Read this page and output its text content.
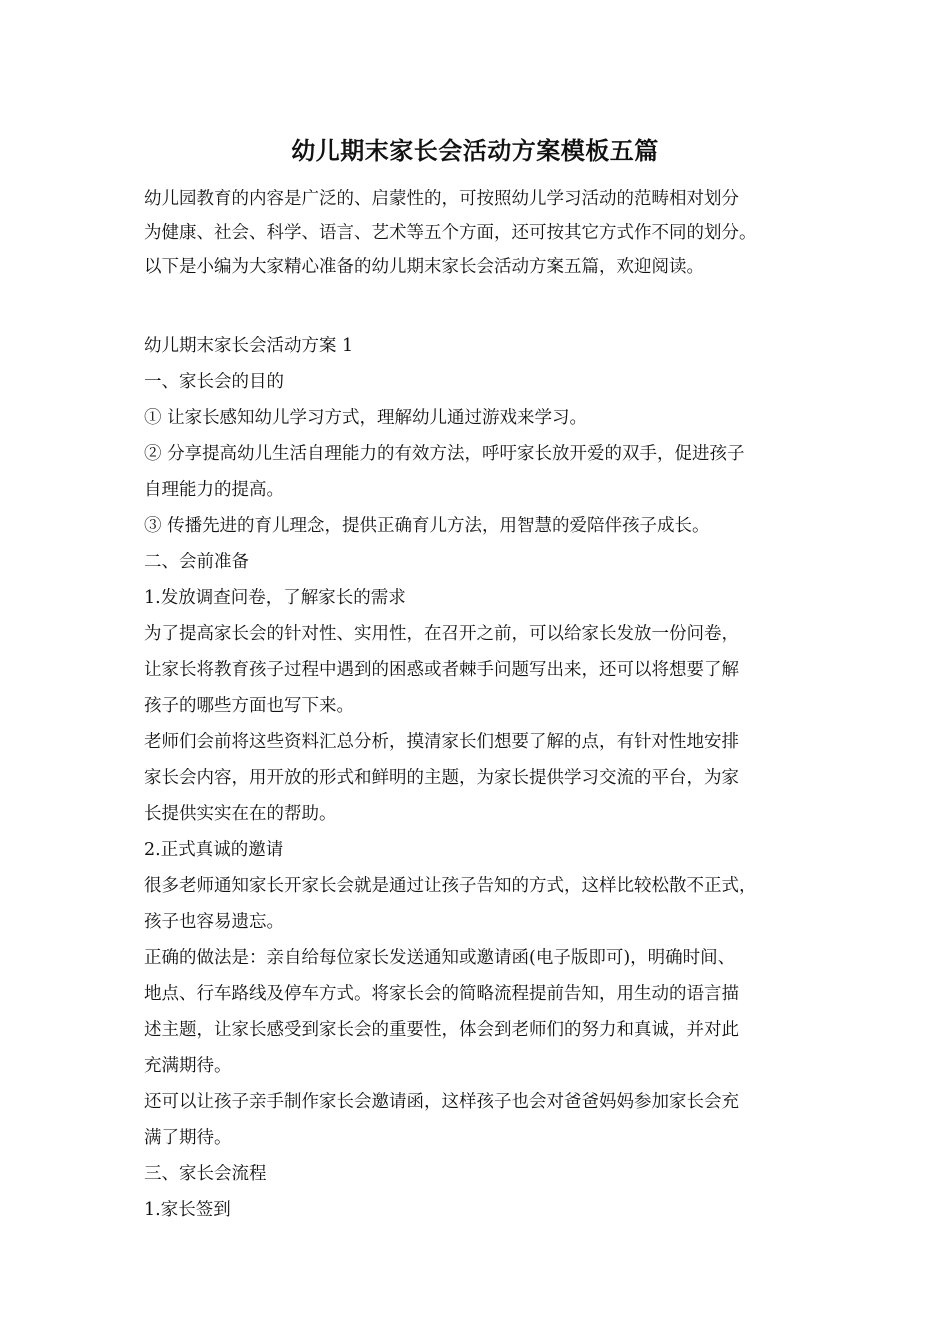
幼儿期末家长会活动方案模板五篇

幼儿园教育的内容是广泛的、启蒙性的，可按照幼儿学习活动的范畴相对划分

为健康、社会、科学、语言、艺术等五个方面，还可按其它方式作不同的划分。

以下是小编为大家精心准备的幼儿期末家长会活动方案五篇，欢迎阅读。

幼儿期末家长会活动方案 1

一、家长会的目的

① 让家长感知幼儿学习方式，理解幼儿通过游戏来学习。

② 分享提高幼儿生活自理能力的有效方法，呼吁家长放开爱的双手，促进孩子

自理能力的提高。

③ 传播先进的育儿理念，提供正确育儿方法，用智慧的爱陪伴孩子成长。

二、会前准备

1.发放调查问卷，了解家长的需求

为了提高家长会的针对性、实用性，在召开之前，可以给家长发放一份问卷，

让家长将教育孩子过程中遇到的困惑或者棘手问题写出来，还可以将想要了解

孩子的哪些方面也写下来。

老师们会前将这些资料汇总分析，摸清家长们想要了解的点，有针对性地安排

家长会内容，用开放的形式和鲜明的主题，为家长提供学习交流的平台，为家

长提供实实在在的帮助。

2.正式真诚的邀请

很多老师通知家长开家长会就是通过让孩子告知的方式，这样比较松散不正式，

孩子也容易遗忘。

正确的做法是：亲自给每位家长发送通知或邀请函(电子版即可)，明确时间、

地点、行车路线及停车方式。将家长会的简略流程提前告知，用生动的语言描

述主题，让家长感受到家长会的重要性，体会到老师们的努力和真诚，并对此

充满期待。

还可以让孩子亲手制作家长会邀请函，这样孩子也会对爸爸妈妈参加家长会充

满了期待。

三、家长会流程

1.家长签到
